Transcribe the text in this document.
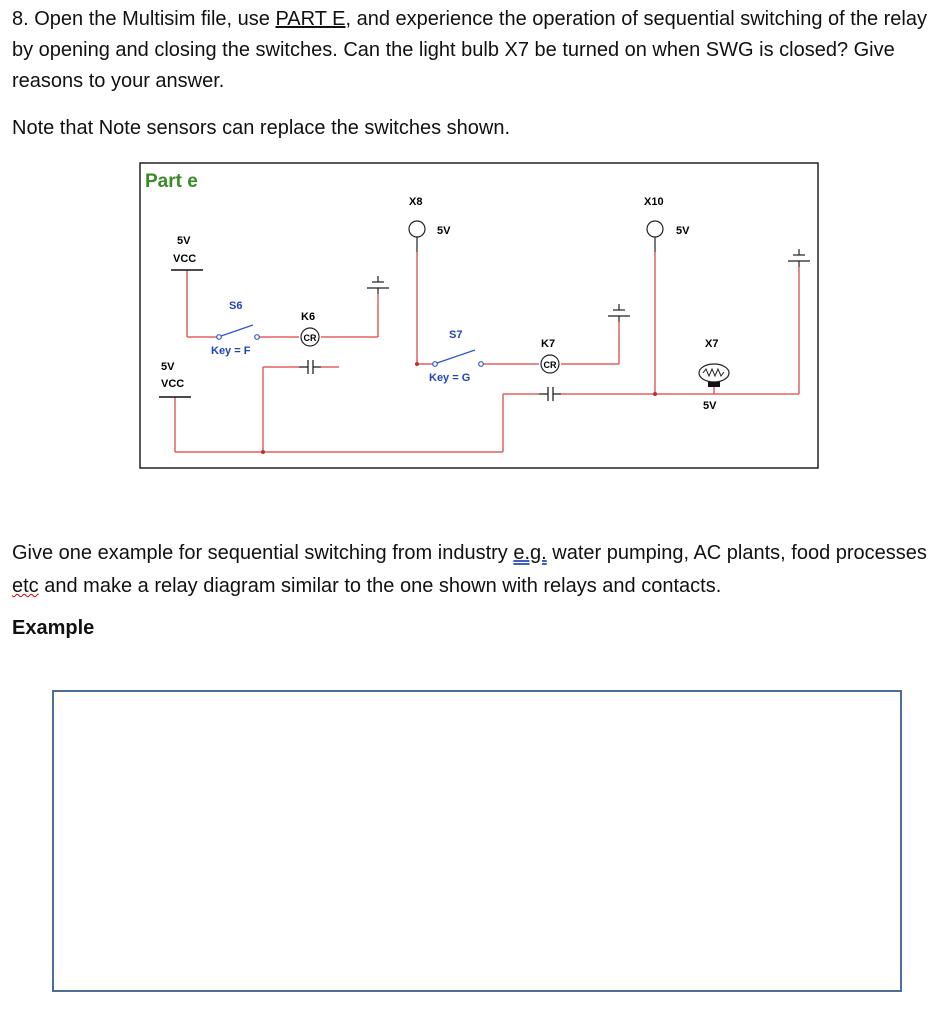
8. Open the Multisim file, use PART E, and experience the operation of sequential switching of the relay by opening and closing the switches. Can the light bulb X7 be turned on when SWG is closed? Give reasons to your answer.

Note that Note sensors can replace the switches shown.

Part e
5V
VCC
5V
VCC
S6
Key = F
K6
CR
X8
5V
S7
Key = G
K7
CR
X10
5V
X7
5V

Give one example for sequential switching from industry e.g. water pumping, AC plants, food processes etc and make a relay diagram similar to the one shown with relays and contacts.

Example
